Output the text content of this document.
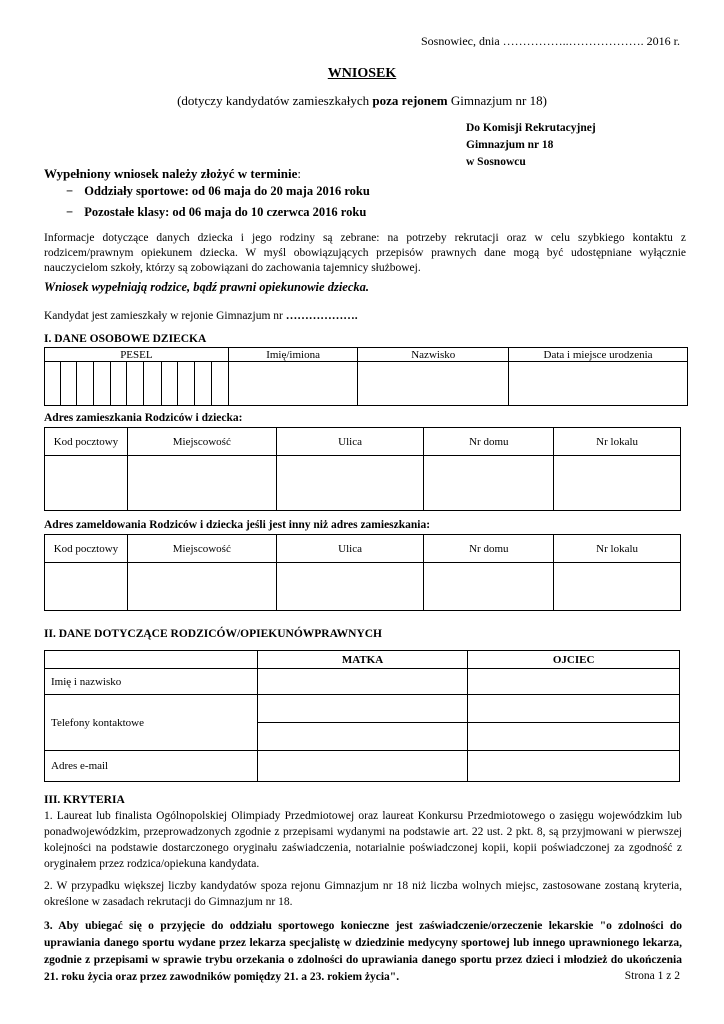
Sosnowiec, dnia ……………..………………. 2016 r.
WNIOSEK
(dotyczy kandydatów zamieszkałych poza rejonem Gimnazjum nr 18)
Do Komisji Rekrutacyjnej
Gimnazjum nr 18
w Sosnowcu
Wypełniony wniosek należy złożyć w terminie:
− Oddziały sportowe: od 06 maja do 20 maja 2016 roku
− Pozostałe klasy: od 06 maja do 10 czerwca 2016 roku
Informacje dotyczące danych dziecka i jego rodziny są zebrane: na potrzeby rekrutacji oraz w celu szybkiego kontaktu z rodzicem/prawnym opiekunem dziecka. W myśl obowiązujących przepisów prawnych dane mogą być udostępniane wyłącznie nauczycielom szkoły, którzy są zobowiązani do zachowania tajemnicy służbowej.
Wniosek wypełniają rodzice, bądź prawni opiekunowie dziecka.
Kandydat jest zamieszkały w rejonie Gimnazjum nr ……………….
I. DANE OSOBOWE DZIECKA
PESEL											Imię/imiona	Nazwisko	Data i miejsce urodzenia

Adres zamieszkania Rodziców i dziecka:
Kod pocztowy	Miejscowość	Ulica	Nr domu	Nr lokalu

Adres zameldowania Rodziców i dziecka jeśli jest inny niż adres zamieszkania:
Kod pocztowy	Miejscowość	Ulica	Nr domu	Nr lokalu

II. DANE DOTYCZĄCE RODZICÓW/OPIEKUNÓWPRAWNYCH
	MATKA	OJCIEC
Imię i nazwisko		
Telefony kontaktowe		

Adres e-mail		
III. KRYTERIA
1. Laureat lub finalista Ogólnopolskiej Olimpiady Przedmiotowej oraz laureat Konkursu Przedmiotowego o zasięgu wojewódzkim lub ponadwojewódzkim, przeprowadzonych zgodnie z przepisami wydanymi na podstawie art. 22 ust. 2 pkt. 8, są przyjmowani w pierwszej kolejności na podstawie dostarczonego oryginału zaświadczenia, notarialnie poświadczonej kopii, kopii poświadczonej za zgodność z oryginałem przez rodzica/opiekuna kandydata.
2. W przypadku większej liczby kandydatów spoza rejonu Gimnazjum nr 18 niż liczba wolnych miejsc, zastosowane zostaną kryteria, określone w zasadach rekrutacji do Gimnazjum nr 18.
3. Aby ubiegać się o przyjęcie do oddziału sportowego konieczne jest zaświadczenie/orzeczenie lekarskie "o zdolności do uprawiania danego sportu wydane przez lekarza specjalistę w dziedzinie medycyny sportowej lub innego uprawnionego lekarza, zgodnie z przepisami w sprawie trybu orzekania o zdolności do uprawiania danego sportu przez dzieci i młodzież do ukończenia 21. roku życia oraz przez zawodników pomiędzy 21. a 23. rokiem życia".	Strona 1 z 2
